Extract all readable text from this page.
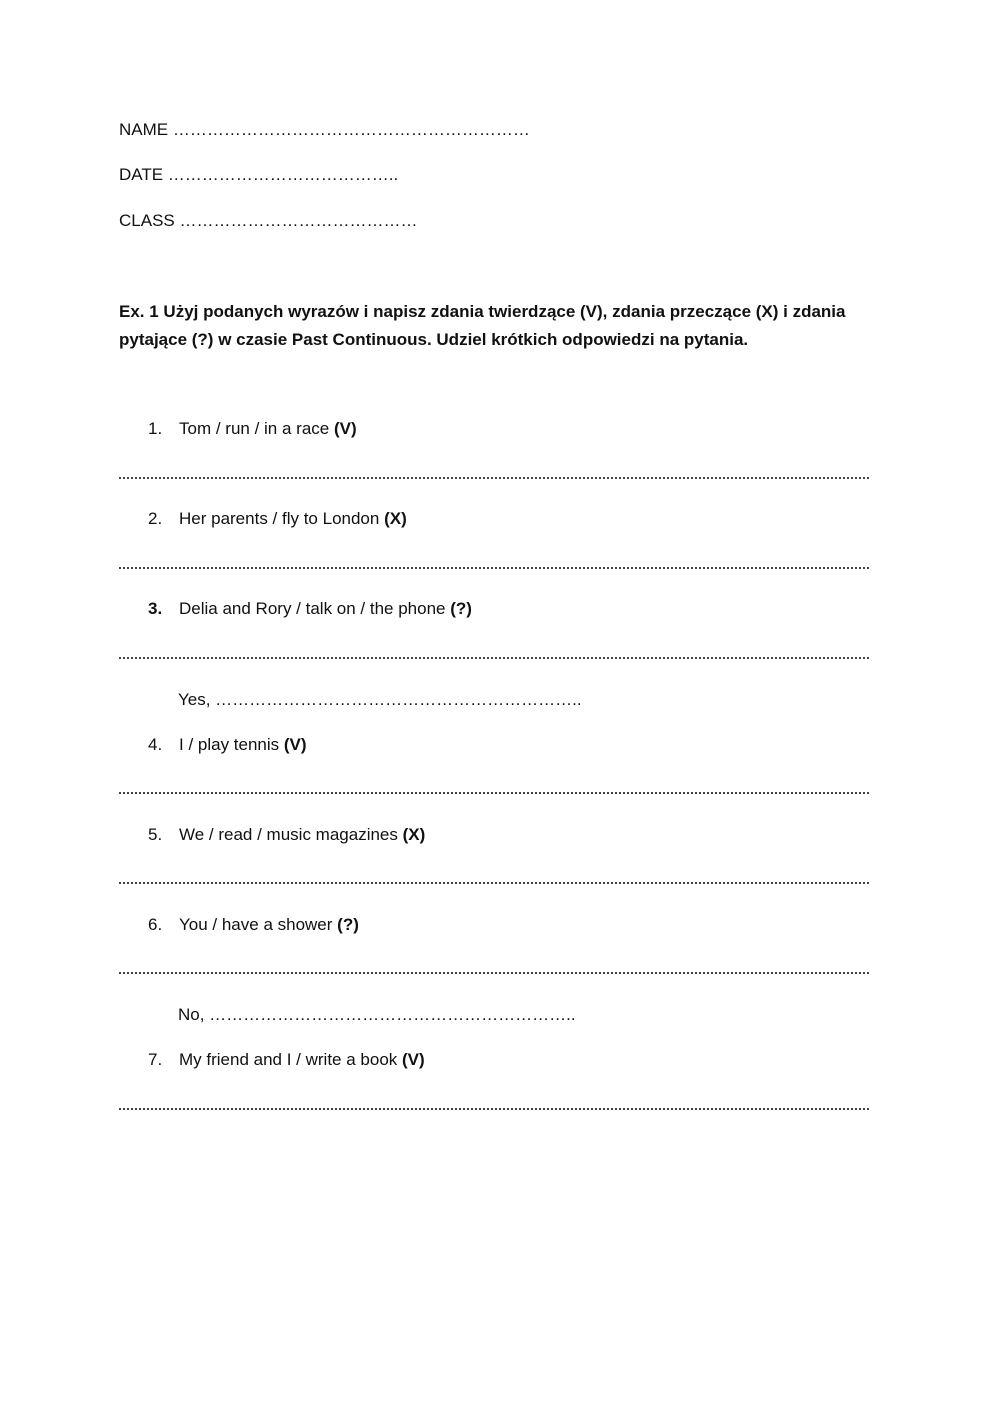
NAME ………………………………………………………
DATE …………………………………..
CLASS ……………………………………
Ex. 1 Użyj podanych wyrazów i napisz zdania twierdzące (V), zdania przeczące (X) i zdania pytające (?) w czasie Past Continuous. Udziel krótkich odpowiedzi na pytania.
1. Tom / run / in a race (V)
2. Her parents / fly to London (X)
3. Delia and Rory / talk on / the phone (?)
Yes, ………………………………………………………..
4. I / play tennis (V)
5. We / read / music magazines (X)
6. You / have a shower (?)
No, ………………………………………………………..
7. My friend and I / write a book (V)
